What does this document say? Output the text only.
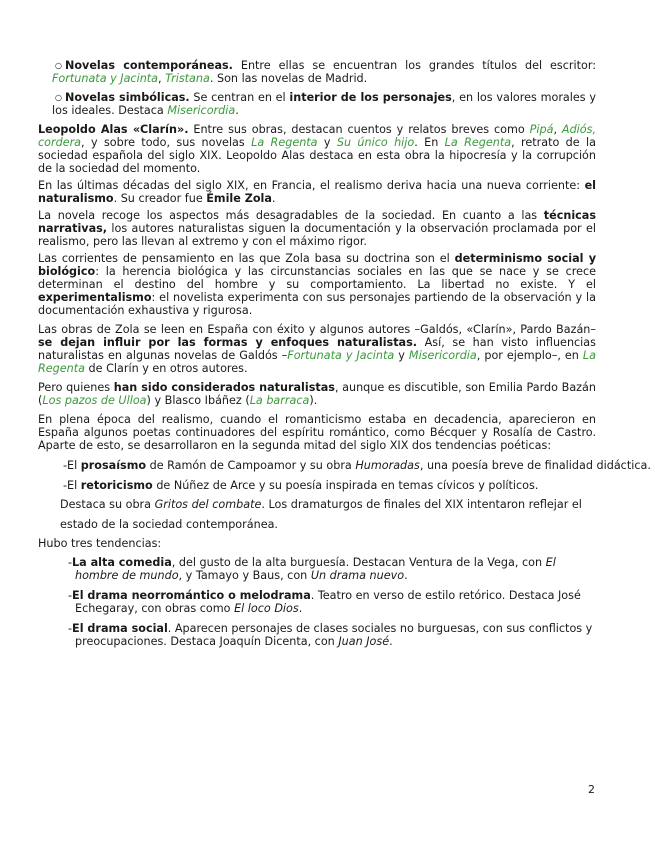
○ Novelas contemporáneas. Entre ellas se encuentran los grandes títulos del escritor: Fortunata y Jacinta, Tristana. Son las novelas de Madrid.

○ Novelas simbólicas. Se centran en el interior de los personajes, en los valores morales y los ideales. Destaca Misericordia.

Leopoldo Alas «Clarín». Entre sus obras, destacan cuentos y relatos breves como Pipá, Adiós, cordera, y sobre todo, sus novelas La Regenta y Su único hijo. En La Regenta, retrato de la sociedad española del siglo XIX. Leopoldo Alas destaca en esta obra la hipocresía y la corrupción de la sociedad del momento.

En las últimas décadas del siglo XIX, en Francia, el realismo deriva hacia una nueva corriente: el naturalismo. Su creador fue Émile Zola.

La novela recoge los aspectos más desagradables de la sociedad. En cuanto a las técnicas narrativas, los autores naturalistas siguen la documentación y la observación proclamada por el realismo, pero las llevan al extremo y con el máximo rigor.

Las corrientes de pensamiento en las que Zola basa su doctrina son el determinismo social y biológico: la herencia biológica y las circunstancias sociales en las que se nace y se crece determinan el destino del hombre y su comportamiento. La libertad no existe. Y el experimentalismo: el novelista experimenta con sus personajes partiendo de la observación y la documentación exhaustiva y rigurosa.

Las obras de Zola se leen en España con éxito y algunos autores –Galdós, «Clarín», Pardo Bazán– se dejan influir por las formas y enfoques naturalistas. Así, se han visto influencias naturalistas en algunas novelas de Galdós –Fortunata y Jacinta y Misericordia, por ejemplo–, en La Regenta de Clarín y en otros autores.

Pero quienes han sido considerados naturalistas, aunque es discutible, son Emilia Pardo Bazán (Los pazos de Ulloa) y Blasco Ibáñez (La barraca).

En plena época del realismo, cuando el romanticismo estaba en decadencia, aparecieron en España algunos poetas continuadores del espíritu romántico, como Bécquer y Rosalía de Castro. Aparte de esto, se desarrollaron en la segunda mitad del siglo XIX dos tendencias poéticas:

-El prosaísmo de Ramón de Campoamor y su obra Humoradas, una poesía breve de finalidad didáctica.

-El retoricismo de Núñez de Arce y su poesía inspirada en temas cívicos y políticos.

Destaca su obra Gritos del combate. Los dramaturgos de finales del XIX intentaron reflejar el estado de la sociedad contemporánea.

Hubo tres tendencias:

-La alta comedia, del gusto de la alta burguesía. Destacan Ventura de la Vega, con El hombre de mundo, y Tamayo y Baus, con Un drama nuevo.

-El drama neorromántico o melodrama. Teatro en verso de estilo retórico. Destaca José Echegaray, con obras como El loco Dios.

-El drama social. Aparecen personajes de clases sociales no burguesas, con sus conflictos y preocupaciones. Destaca Joaquín Dicenta, con Juan José.

2
